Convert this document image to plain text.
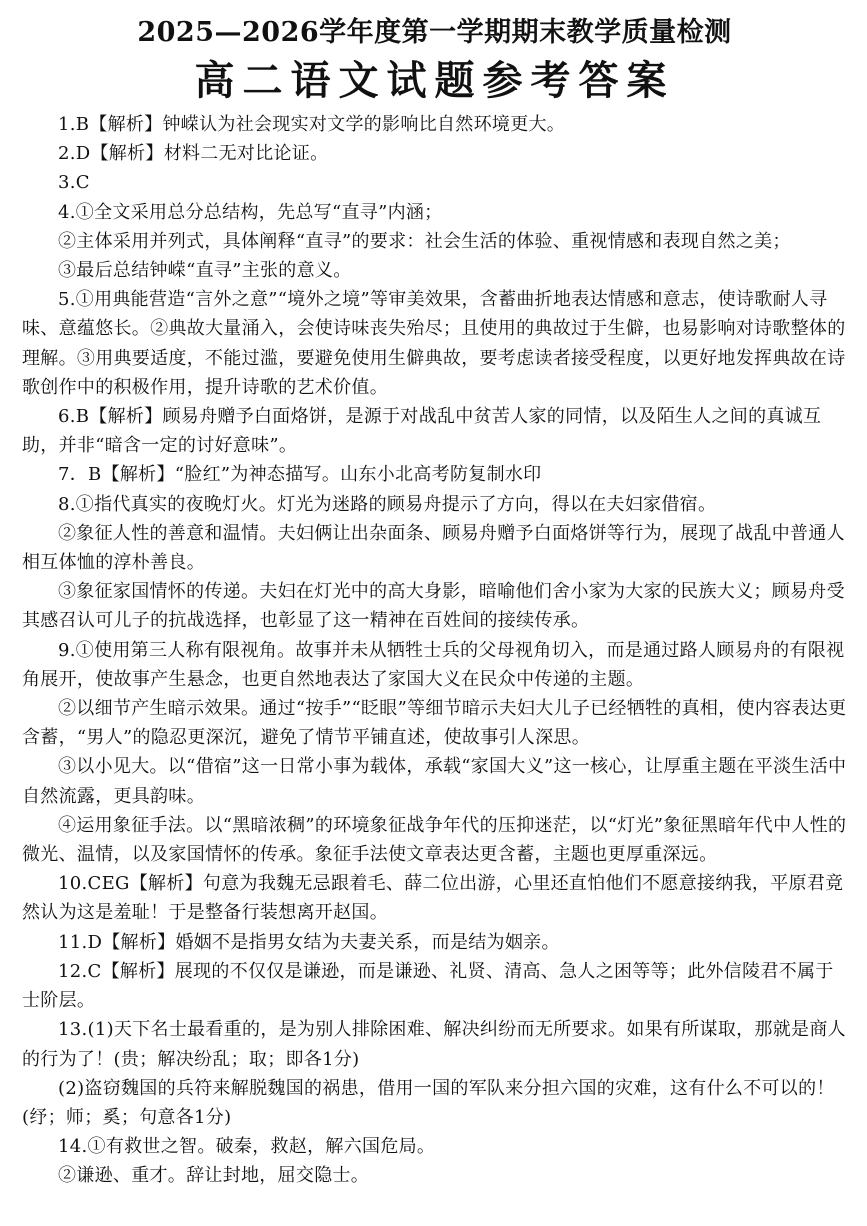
2025—2026学年度第一学期期末教学质量检测
高二语文试题参考答案

1.B【解析】钟嵘认为社会现实对文学的影响比自然环境更大。

2.D【解析】材料二无对比论证。

3.C

4.①全文采用总分总结构，先总写“直寻”内涵；

②主体采用并列式，具体阐释“直寻”的要求：社会生活的体验、重视情感和表现自然之美；

③最后总结钟嵘“直寻”主张的意义。

5.①用典能营造“言外之意”“境外之境”等审美效果，含蓄曲折地表达情感和意志，使诗歌耐人寻味、意蕴悠长。②典故大量涌入，会使诗味丧失殆尽；且使用的典故过于生僻，也易影响对诗歌整体的理解。③用典要适度，不能过滥，要避免使用生僻典故，要考虑读者接受程度，以更好地发挥典故在诗歌创作中的积极作用，提升诗歌的艺术价值。

6.B【解析】顾易舟赠予白面烙饼，是源于对战乱中贫苦人家的同情，以及陌生人之间的真诚互助，并非“暗含一定的讨好意味”。

7．B【解析】“脸红”为神态描写。山东小北高考防复制水印

8.①指代真实的夜晚灯火。灯光为迷路的顾易舟提示了方向，得以在夫妇家借宿。

②象征人性的善意和温情。夫妇俩让出杂面条、顾易舟赠予白面烙饼等行为，展现了战乱中普通人相互体恤的淳朴善良。

③象征家国情怀的传递。夫妇在灯光中的高大身影，暗喻他们舍小家为大家的民族大义；顾易舟受其感召认可儿子的抗战选择，也彰显了这一精神在百姓间的接续传承。

9.①使用第三人称有限视角。故事并未从牺牲士兵的父母视角切入，而是通过路人顾易舟的有限视角展开，使故事产生悬念，也更自然地表达了家国大义在民众中传递的主题。

②以细节产生暗示效果。通过“按手”“眨眼”等细节暗示夫妇大儿子已经牺牲的真相，使内容表达更含蓄，“男人”的隐忍更深沉，避免了情节平铺直述，使故事引人深思。

③以小见大。以“借宿”这一日常小事为载体，承载“家国大义”这一核心，让厚重主题在平淡生活中自然流露，更具韵味。

④运用象征手法。以“黑暗浓稠”的环境象征战争年代的压抑迷茫，以“灯光”象征黑暗年代中人性的微光、温情，以及家国情怀的传承。象征手法使文章表达更含蓄，主题也更厚重深远。

10.CEG【解析】句意为我魏无忌跟着毛、薛二位出游，心里还直怕他们不愿意接纳我，平原君竟然认为这是羞耻！于是整备行装想离开赵国。

11.D【解析】婚姻不是指男女结为夫妻关系，而是结为姻亲。

12.C【解析】展现的不仅仅是谦逊，而是谦逊、礼贤、清高、急人之困等等；此外信陵君不属于士阶层。

13.(1)天下名士最看重的，是为别人排除困难、解决纠纷而无所要求。如果有所谋取，那就是商人的行为了！(贵；解决纷乱；取；即各1分)

(2)盗窃魏国的兵符来解脱魏国的祸患，借用一国的军队来分担六国的灾难，这有什么不可以的！(纾；师；奚；句意各1分)

14.①有救世之智。破秦，救赵，解六国危局。

②谦逊、重才。辞让封地，屈交隐士。
